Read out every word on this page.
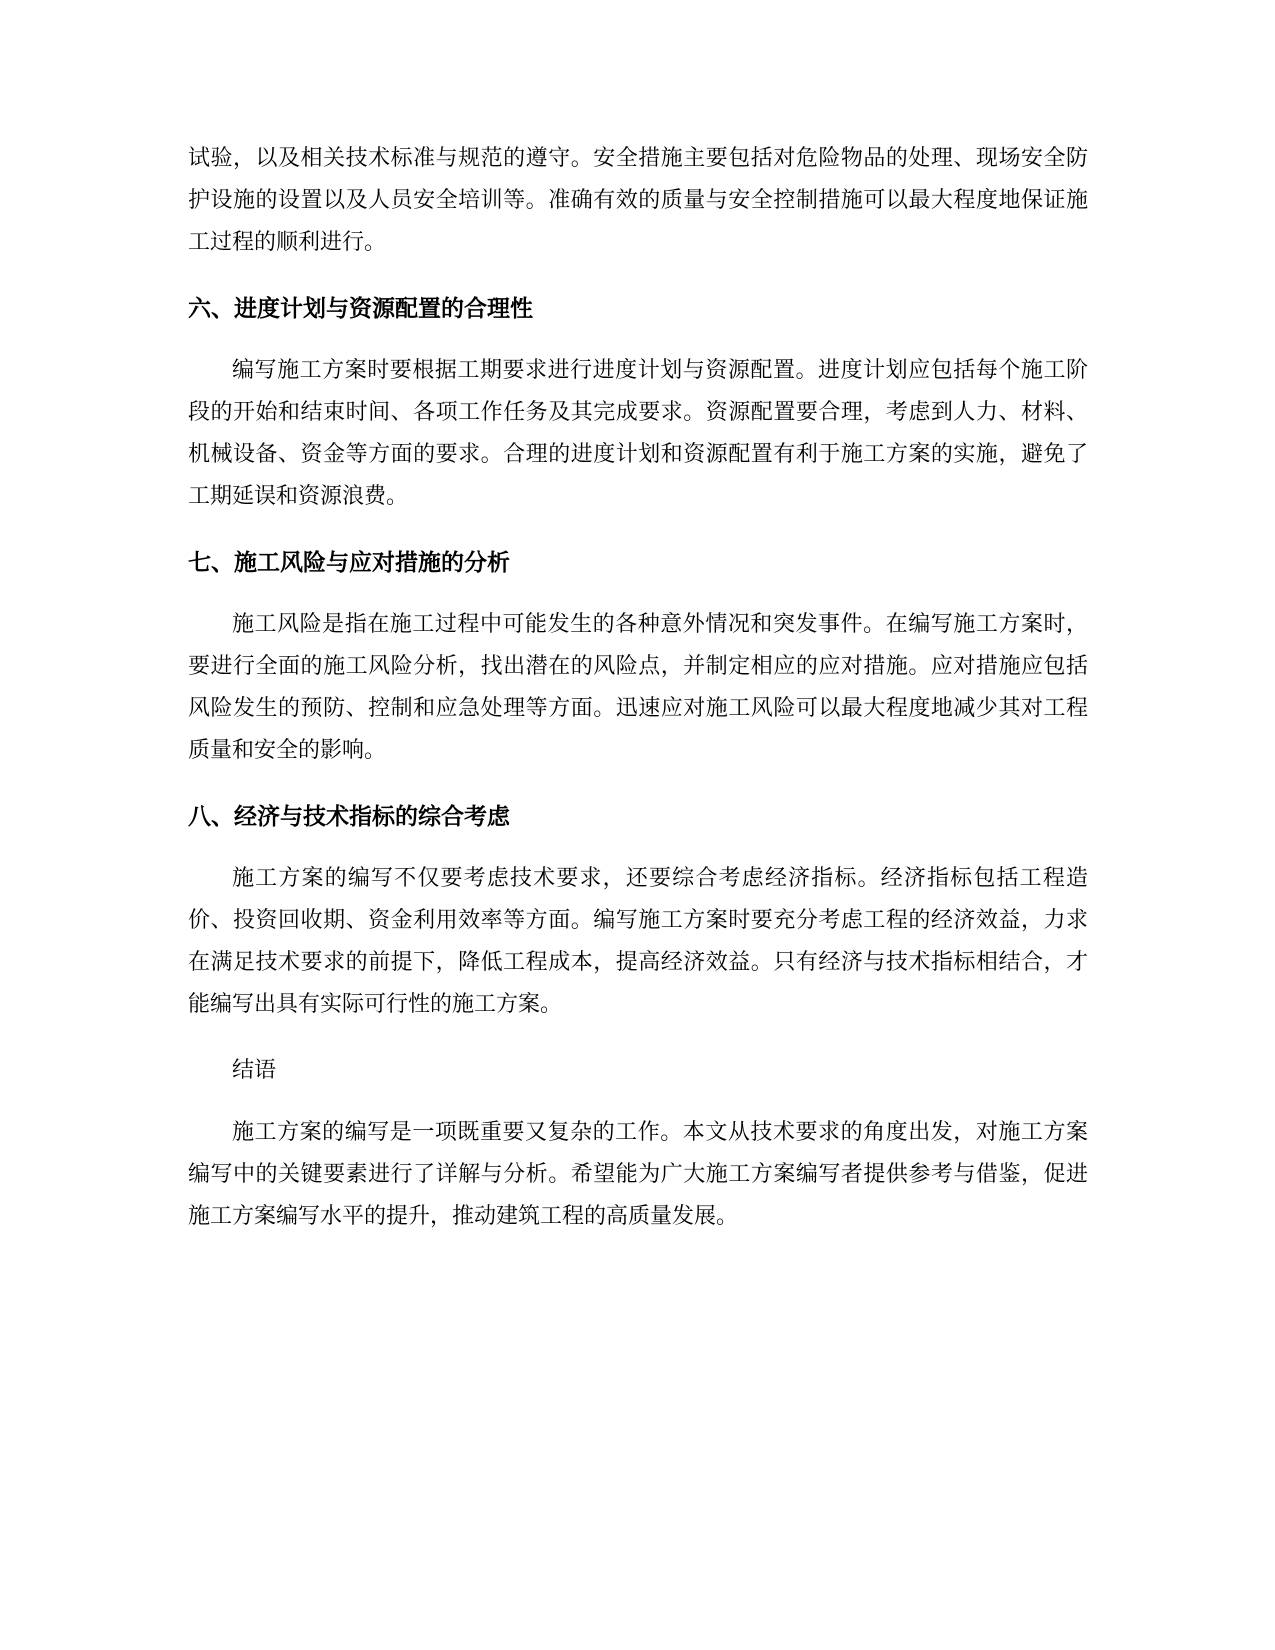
试验，以及相关技术标准与规范的遵守。安全措施主要包括对危险物品的处理、现场安全防护设施的设置以及人员安全培训等。准确有效的质量与安全控制措施可以最大程度地保证施工过程的顺利进行。

六、进度计划与资源配置的合理性

编写施工方案时要根据工期要求进行进度计划与资源配置。进度计划应包括每个施工阶段的开始和结束时间、各项工作任务及其完成要求。资源配置要合理，考虑到人力、材料、机械设备、资金等方面的要求。合理的进度计划和资源配置有利于施工方案的实施，避免了工期延误和资源浪费。

七、施工风险与应对措施的分析

施工风险是指在施工过程中可能发生的各种意外情况和突发事件。在编写施工方案时，要进行全面的施工风险分析，找出潜在的风险点，并制定相应的应对措施。应对措施应包括风险发生的预防、控制和应急处理等方面。迅速应对施工风险可以最大程度地减少其对工程质量和安全的影响。

八、经济与技术指标的综合考虑

施工方案的编写不仅要考虑技术要求，还要综合考虑经济指标。经济指标包括工程造价、投资回收期、资金利用效率等方面。编写施工方案时要充分考虑工程的经济效益，力求在满足技术要求的前提下，降低工程成本，提高经济效益。只有经济与技术指标相结合，才能编写出具有实际可行性的施工方案。

结语

施工方案的编写是一项既重要又复杂的工作。本文从技术要求的角度出发，对施工方案编写中的关键要素进行了详解与分析。希望能为广大施工方案编写者提供参考与借鉴，促进施工方案编写水平的提升，推动建筑工程的高质量发展。
